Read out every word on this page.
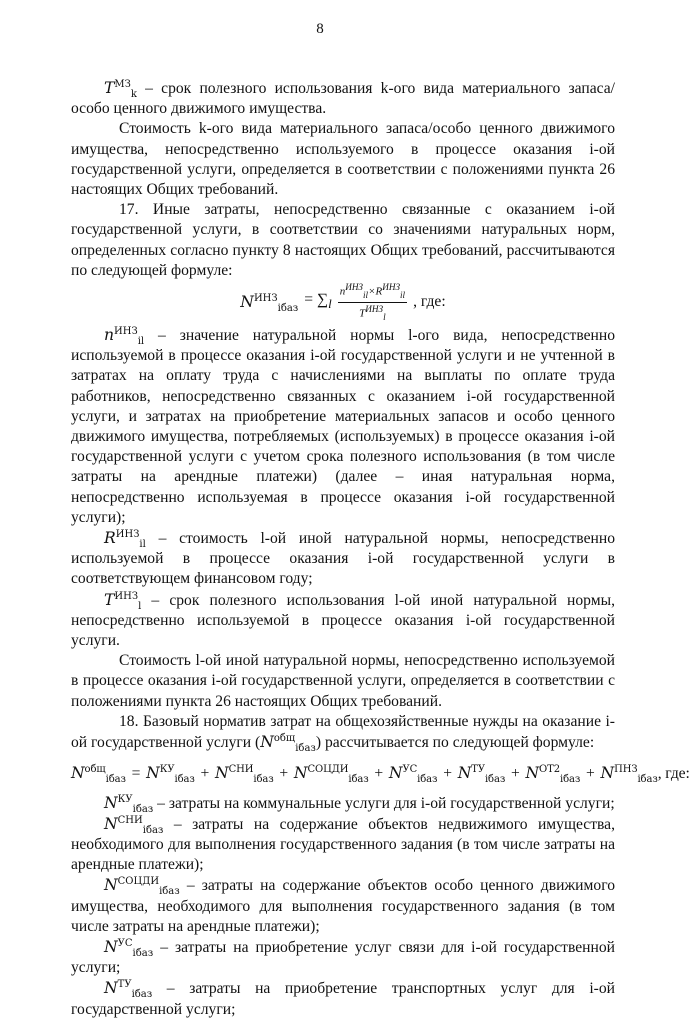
8

$T^{МЗ}_k$ – срок полезного использования k-ого вида материального запаса/особо ценного движимого имущества.

Стоимость k-ого вида материального запаса/особо ценного движимого имущества, непосредственно используемого в процессе оказания i-ой государственной услуги, определяется в соответствии с положениями пункта 26 настоящих Общих требований.

17. Иные затраты, непосредственно связанные с оказанием i-ой государственной услуги, в соответствии со значениями натуральных норм, определенных согласно пункту 8 настоящих Общих требований, рассчитываются по следующей формуле:

$N^{ИНЗ}_{iбаз}$
= $\sum_l \frac{n^{ИНЗ}_{il}\times R^{ИНЗ}_{il}}{T^{ИНЗ}_l}$ , где:

$n^{ИНЗ}_{il}$ – значение натуральной нормы l-ого вида, непосредственно используемой в процессе оказания i-ой государственной услуги и не учтенной в затратах на оплату труда с начислениями на выплаты по оплате труда работников, непосредственно связанных с оказанием i-ой государственной услуги, и затратах на приобретение материальных запасов и особо ценного движимого имущества, потребляемых (используемых) в процессе оказания i-ой государственной услуги с учетом срока полезного использования (в том числе затраты на арендные платежи) (далее – иная натуральная норма, непосредственно используемая в процессе оказания i-ой государственной услуги);

$R^{ИНЗ}_{il}$ – стоимость l-ой иной натуральной нормы, непосредственно используемой в процессе оказания i-ой государственной услуги в соответствующем финансовом году;

$T^{ИНЗ}_l$ – срок полезного использования l-ой иной натуральной нормы, непосредственно используемой в процессе оказания i-ой государственной услуги.

Стоимость l-ой иной натуральной нормы, непосредственно используемой в процессе оказания i-ой государственной услуги, определяется в соответствии с положениями пункта 26 настоящих Общих требований.

18. Базовый норматив затрат на общехозяйственные нужды на оказание i-ой государственной услуги $(N^{общ}_{iбаз})$ рассчитывается по следующей формуле:

$N^{общ}_{iбаз} = N^{КУ}_{iбаз} + N^{СНИ}_{iбаз} + N^{СОЦДИ}_{iбаз} + N^{УС}_{iбаз} + N^{ТУ}_{iбаз} + N^{ОТ2}_{iбаз} + N^{ПНЗ}_{iбаз}$, где:

$N^{КУ}_{iбаз}$ – затраты на коммунальные услуги для i-ой государственной услуги;

$N^{СНИ}_{iбаз}$ – затраты на содержание объектов недвижимого имущества, необходимого для выполнения государственного задания (в том числе затраты на арендные платежи);

$N^{СОЦДИ}_{iбаз}$ – затраты на содержание объектов особо ценного движимого имущества, необходимого для выполнения государственного задания (в том числе затраты на арендные платежи);

$N^{УС}_{iбаз}$ – затраты на приобретение услуг связи для i-ой государственной услуги;

$N^{ТУ}_{iбаз}$ – затраты на приобретение транспортных услуг для i-ой государственной услуги;
